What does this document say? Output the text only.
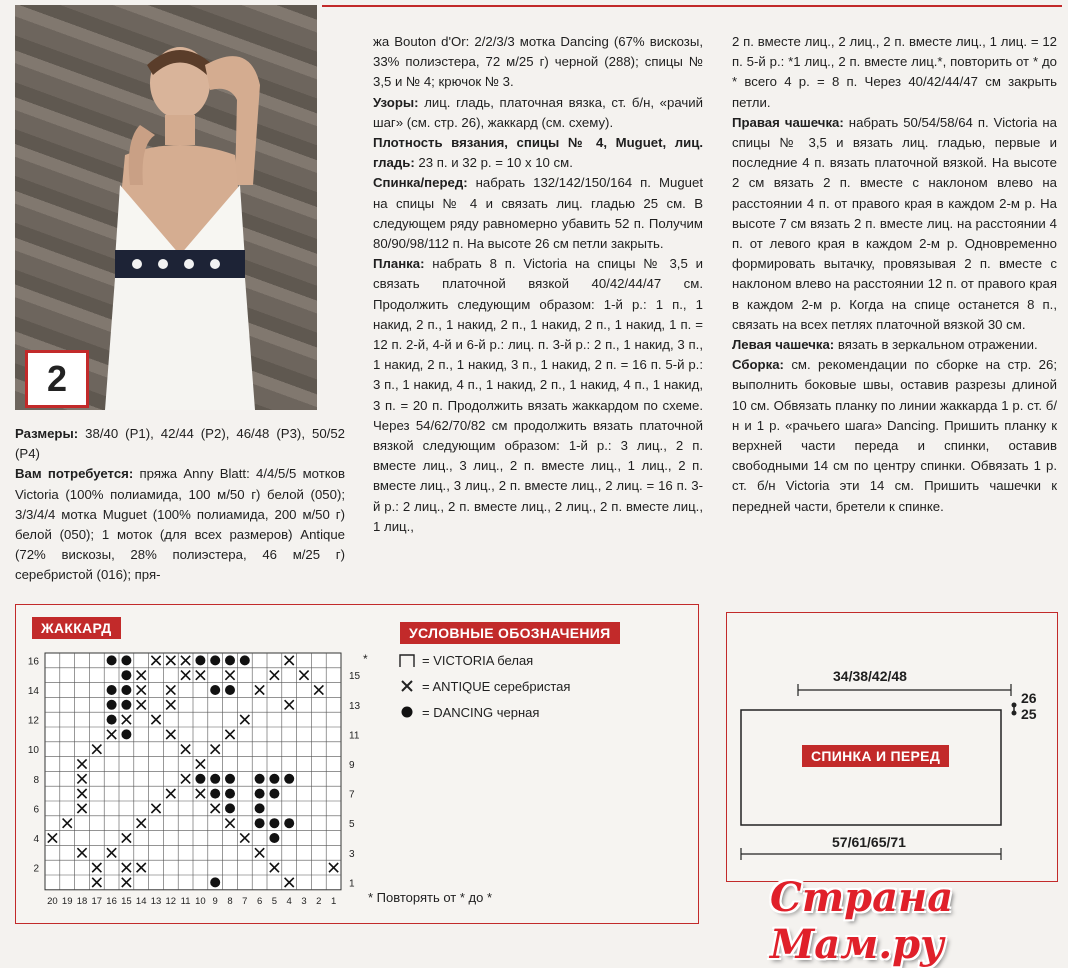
2

Размеры: 38/40 (Р1), 42/44 (Р2), 46/48 (Р3), 50/52 (Р4)

Вам потребуется: пряжа Anny Blatt: 4/4/5/5 мотков Victoria (100% полиамида, 100 м/50 г) белой (050); 3/3/4/4 мотка Muguet (100% полиамида, 200 м/50 г) белой (050); 1 моток (для всех размеров) Antique (72% вискозы, 28% полиэстера, 46 м/25 г) серебристой (016); пря-

жа Bouton d'Or: 2/2/3/3 мотка Dancing (67% вискозы, 33% полиэстера, 72 м/25 г) черной (288); спицы № 3,5 и № 4; крючок № 3.

Узоры: лиц. гладь, платочная вязка, ст. б/н, «рачий шаг» (см. стр. 26), жаккард (см. схему).

Плотность вязания, спицы № 4, Muguet, лиц. гладь: 23 п. и 32 р. = 10 х 10 см.

Спинка/перед: набрать 132/142/150/164 п. Muguet на спицы № 4 и связать лиц. гладью 25 см. В следующем ряду равномерно убавить 52 п. Получим 80/90/98/112 п. На высоте 26 см петли закрыть.

Планка: набрать 8 п. Victoria на спицы № 3,5 и связать платочной вязкой 40/42/44/47 см. Продолжить следующим образом: 1-й р.: 1 п., 1 накид, 2 п., 1 накид, 2 п., 1 накид, 2 п., 1 накид, 1 п. = 12 п. 2-й, 4-й и 6-й р.: лиц. п. 3-й р.: 2 п., 1 накид, 3 п., 1 накид, 2 п., 1 накид, 3 п., 1 накид, 2 п. = 16 п. 5-й р.: 3 п., 1 накид, 4 п., 1 накид, 2 п., 1 накид, 4 п., 1 накид, 3 п. = 20 п. Продолжить вязать жаккардом по схеме. Через 54/62/70/82 см продолжить вязать платочной вязкой следующим образом: 1-й р.: 3 лиц., 2 п. вместе лиц., 3 лиц., 2 п. вместе лиц., 1 лиц., 2 п. вместе лиц., 3 лиц., 2 п. вместе лиц., 2 лиц. = 16 п. 3-й р.: 2 лиц., 2 п. вместе лиц., 2 лиц., 2 п. вместе лиц., 1 лиц.,

2 п. вместе лиц., 2 лиц., 2 п. вместе лиц., 1 лиц. = 12 п. 5-й р.: *1 лиц., 2 п. вместе лиц.*, повторить от * до * всего 4 р. = 8 п. Через 40/42/44/47 см закрыть петли.

Правая чашечка: набрать 50/54/58/64 п. Victoria на спицы № 3,5 и вязать лиц. гладью, первые и последние 4 п. вязать платочной вязкой. На высоте 2 см вязать 2 п. вместе с наклоном влево на расстоянии 4 п. от правого края в каждом 2-м р. На высоте 7 см вязать 2 п. вместе лиц. на расстоянии 4 п. от левого края в каждом 2-м р. Одновременно формировать вытачку, провязывая 2 п. вместе с наклоном влево на расстоянии 12 п. от правого края в каждом 2-м р. Когда на спице останется 8 п., связать на всех петлях платочной вязкой 30 см.

Левая чашечка: вязать в зеркальном отражении.

Сборка: см. рекомендации по сборке на стр. 26; выполнить боковые швы, оставив разрезы длиной 10 см. Обвязать планку по линии жаккарда 1 р. ст. б/н и 1 р. «рачьего шага» Dancing. Пришить планку к верхней части переда и спинки, оставив свободными 14 см по центру спинки. Обвязать 1 р. ст. б/н Victoria эти 14 см. Пришить чашечки к передней части, бретели к спинке.

ЖАККАРД	УСЛОВНЫЕ ОБОЗНАЧЕНИЯ
16
14
12
10
8
6
4
2
15
13
11
9
7
5
3
1
20 19 18 17 16 15 14 13 12 11 10 9 8 7 6 5 4 3 2 1
*	= VICTORIA белая
= ANTIQUE серебристая
= DANCING черная
* Повторять от * до *
34/38/42/48
26
25
СПИНКА И ПЕРЕД
57/61/65/71
Страна Мам.ру
